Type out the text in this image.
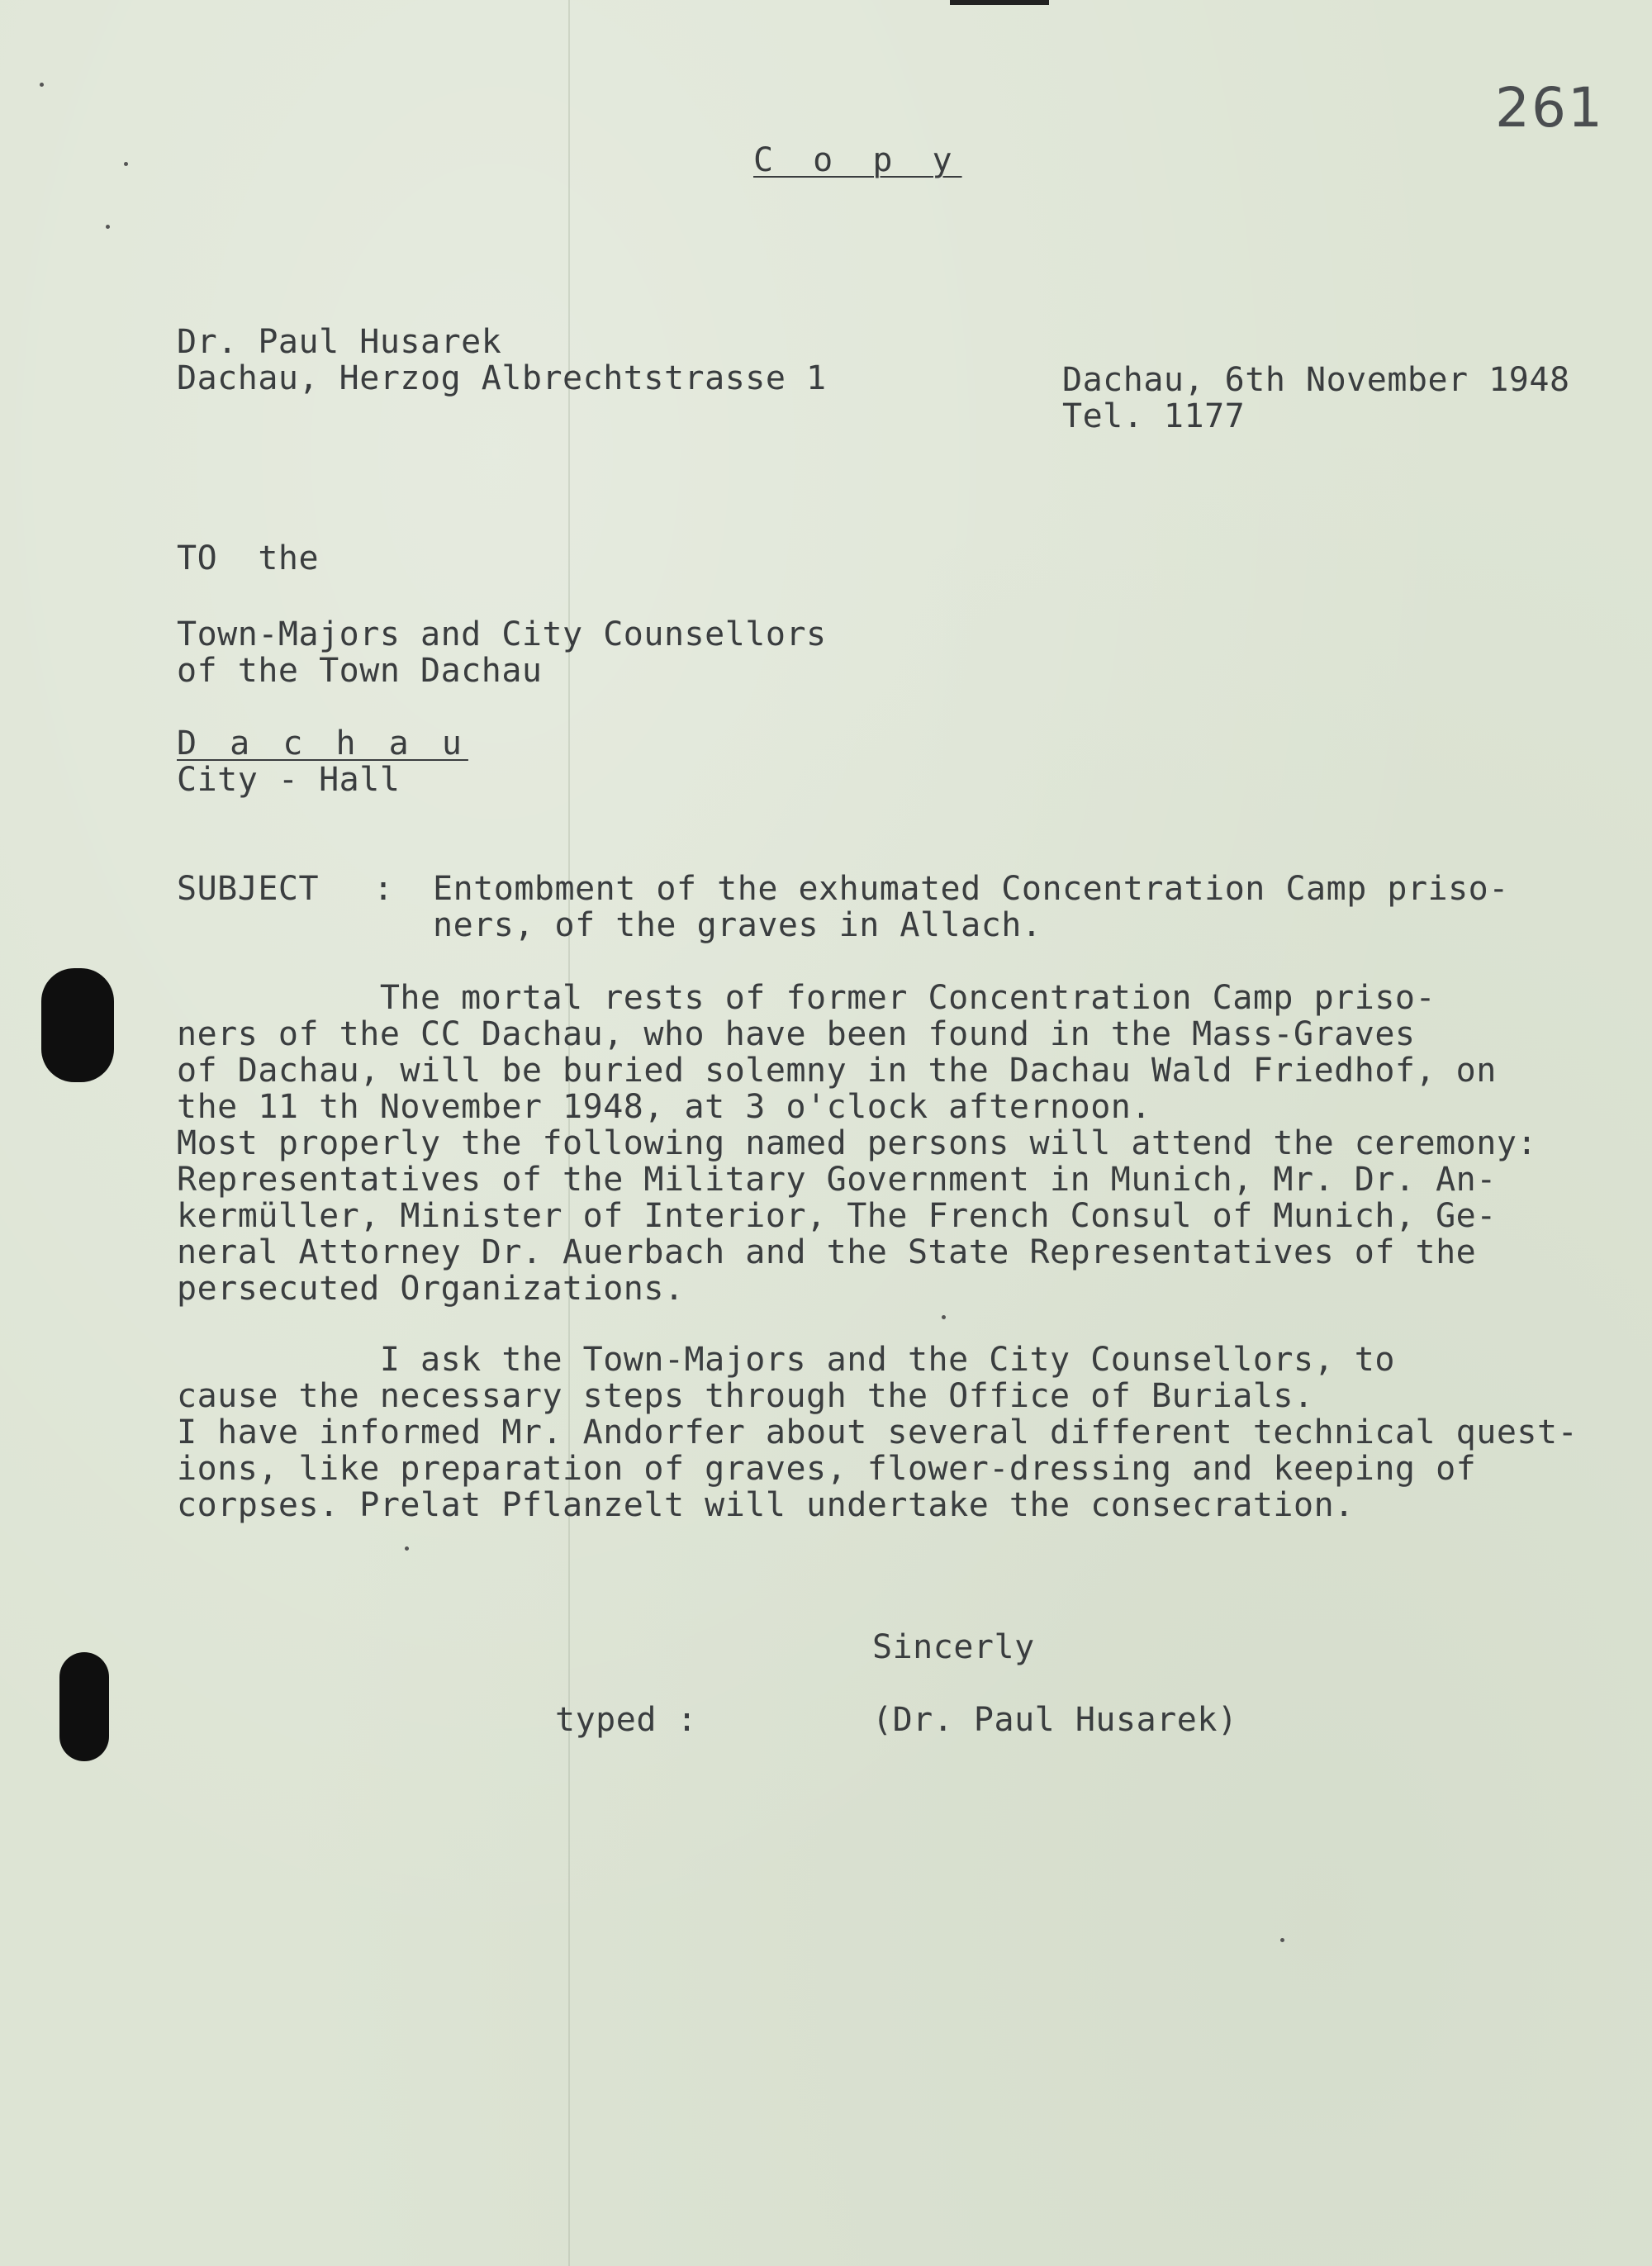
261
C o p y
Dr. Paul Husarek
Dachau, Herzog Albrechtstrasse 1	Dachau, 6th November 1948
Tel. 1177
TO  the
Town-Majors and City Counsellors
of the Town Dachau
D a c h a u
City - Hall
SUBJECT : Entombment of the exhumated Concentration Camp priso-
ners, of the graves in Allach.
The mortal rests of former Concentration Camp priso-
ners of the CC Dachau, who have been found in the Mass-Graves
of Dachau, will be buried solemny in the Dachau Wald Friedhof, on
the 11 th November 1948, at 3 o'clock afternoon.
Most properly the following named persons will attend the ceremony:
Representatives of the Military Government in Munich, Mr. Dr. An-
kermüller, Minister of Interior, The French Consul of Munich, Ge-
neral Attorney Dr. Auerbach and the State Representatives of the
persecuted Organizations.
I ask the Town-Majors and the City Counsellors, to
cause the necessary steps through the Office of Burials.
I have informed Mr. Andorfer about several different technical quest-
ions, like preparation of graves, flower-dressing and keeping of
corpses. Prelat Pflanzelt will undertake the consecration.
Sincerly
typed :	(Dr. Paul Husarek)
